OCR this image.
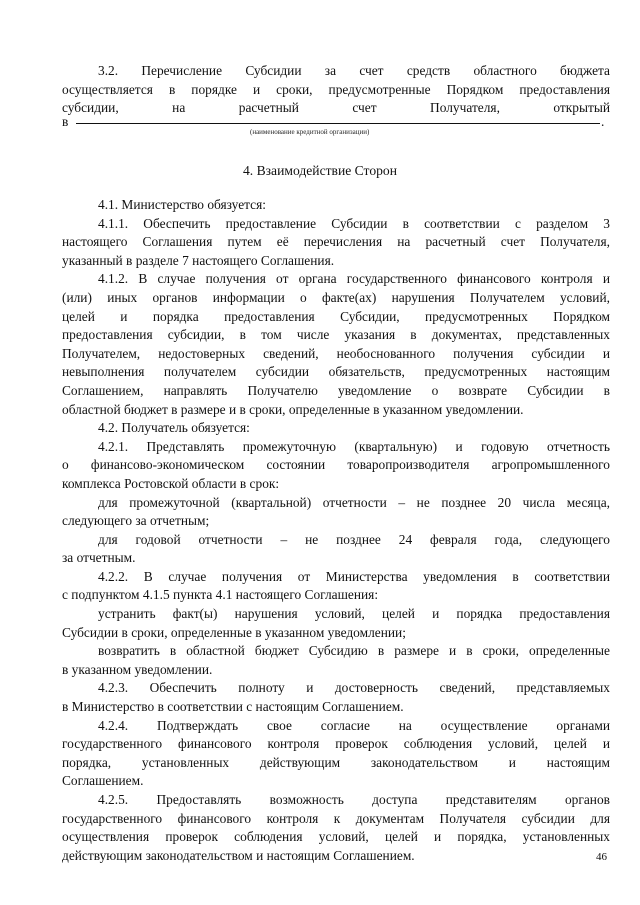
3.2. Перечисление Субсидии за счет средств областного бюджета
осуществляется в порядке и сроки, предусмотренные Порядком предоставления
субсидии, на расчетный счет Получателя, открытый
в	.
(наименование кредитной организации)
4. Взаимодействие Сторон
4.1. Министерство обязуется:
4.1.1. Обеспечить предоставление Субсидии в соответствии с разделом 3
настоящего Соглашения путем её перечисления на расчетный счет Получателя,
указанный в разделе 7 настоящего Соглашения.
4.1.2. В случае получения от органа государственного финансового контроля и
(или) иных органов информации о факте(ах) нарушения Получателем условий,
целей и порядка предоставления Субсидии, предусмотренных Порядком
предоставления субсидии, в том числе указания в документах, представленных
Получателем, недостоверных сведений, необоснованного получения субсидии и
невыполнения получателем субсидии обязательств, предусмотренных настоящим
Соглашением, направлять Получателю уведомление о возврате Субсидии в
областной бюджет в размере и в сроки, определенные в указанном уведомлении.
4.2. Получатель обязуется:
4.2.1. Представлять промежуточную (квартальную) и годовую отчетность
о финансово-экономическом состоянии товаропроизводителя агропромышленного
комплекса Ростовской области в срок:
для промежуточной (квартальной) отчетности – не позднее 20 числа месяца,
следующего за отчетным;
для годовой отчетности – не позднее 24 февраля года, следующего
за отчетным.
4.2.2. В случае получения от Министерства уведомления в соответствии
с подпунктом 4.1.5 пункта 4.1 настоящего Соглашения:
устранить факт(ы) нарушения условий, целей и порядка предоставления
Субсидии в сроки, определенные в указанном уведомлении;
возвратить в областной бюджет Субсидию в размере и в сроки, определенные
в указанном уведомлении.
4.2.3. Обеспечить полноту и достоверность сведений, представляемых
в Министерство в соответствии с настоящим Соглашением.
4.2.4. Подтверждать свое согласие на осуществление органами
государственного финансового контроля проверок соблюдения условий, целей и
порядка, установленных действующим законодательством и настоящим
Соглашением.
4.2.5. Предоставлять возможность доступа представителям органов
государственного финансового контроля к документам Получателя субсидии для
осуществления проверок соблюдения условий, целей и порядка, установленных
действующим законодательством и настоящим Соглашением.	46
